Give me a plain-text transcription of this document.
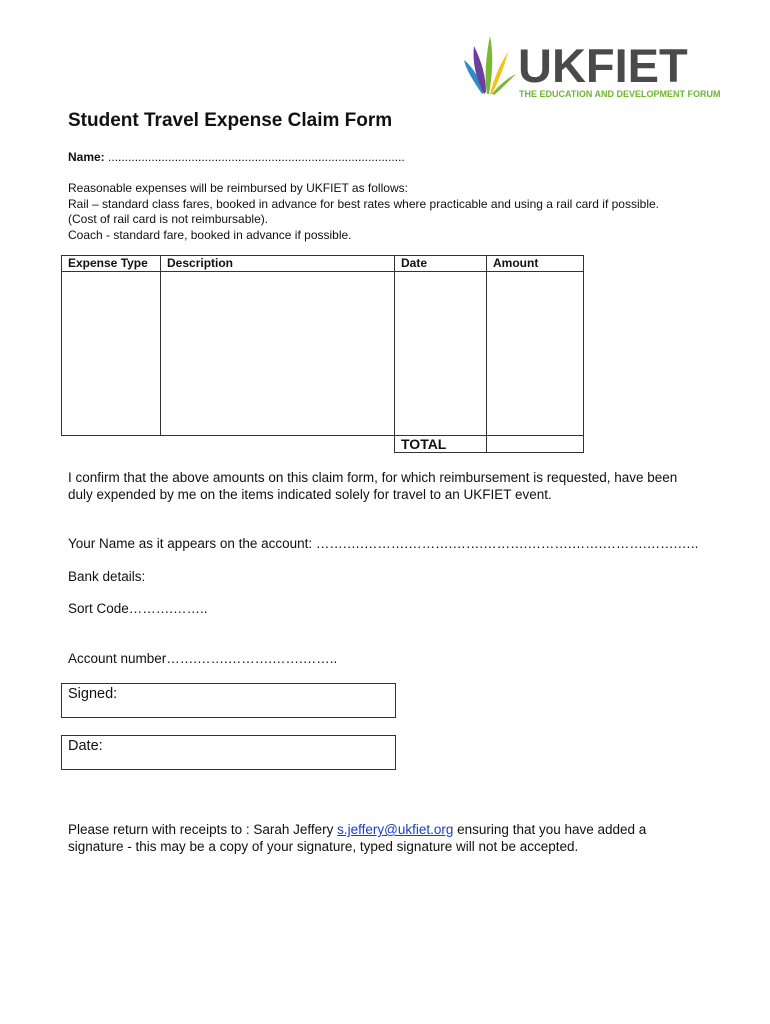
UKFIET
THE EDUCATION AND DEVELOPMENT FORUM
Student Travel Expense Claim Form
Name: .........................................................................................
Reasonable expenses will be reimbursed by UKFIET as follows:
Rail – standard class fares, booked in advance for best rates where practicable and using a rail card if possible.
(Cost of rail card is not reimbursable).
Coach - standard fare, booked in advance if possible.
Expense Type	Description	Date	Amount

		TOTAL	
I confirm that the above amounts on this claim form, for which reimbursement is requested, have been
duly expended by me on the items indicated solely for travel to an UKFIET event.
Your Name as it appears on the account: …….….……….……….…….……….……….…….……….…….…..
Bank details:
Sort Code……….……..
Account number…….…….……….…….……..
Signed:
Date:
Please return with receipts to : Sarah Jeffery s.jeffery@ukfiet.org ensuring that you have added a
signature - this may be a copy of your signature, typed signature will not be accepted.
